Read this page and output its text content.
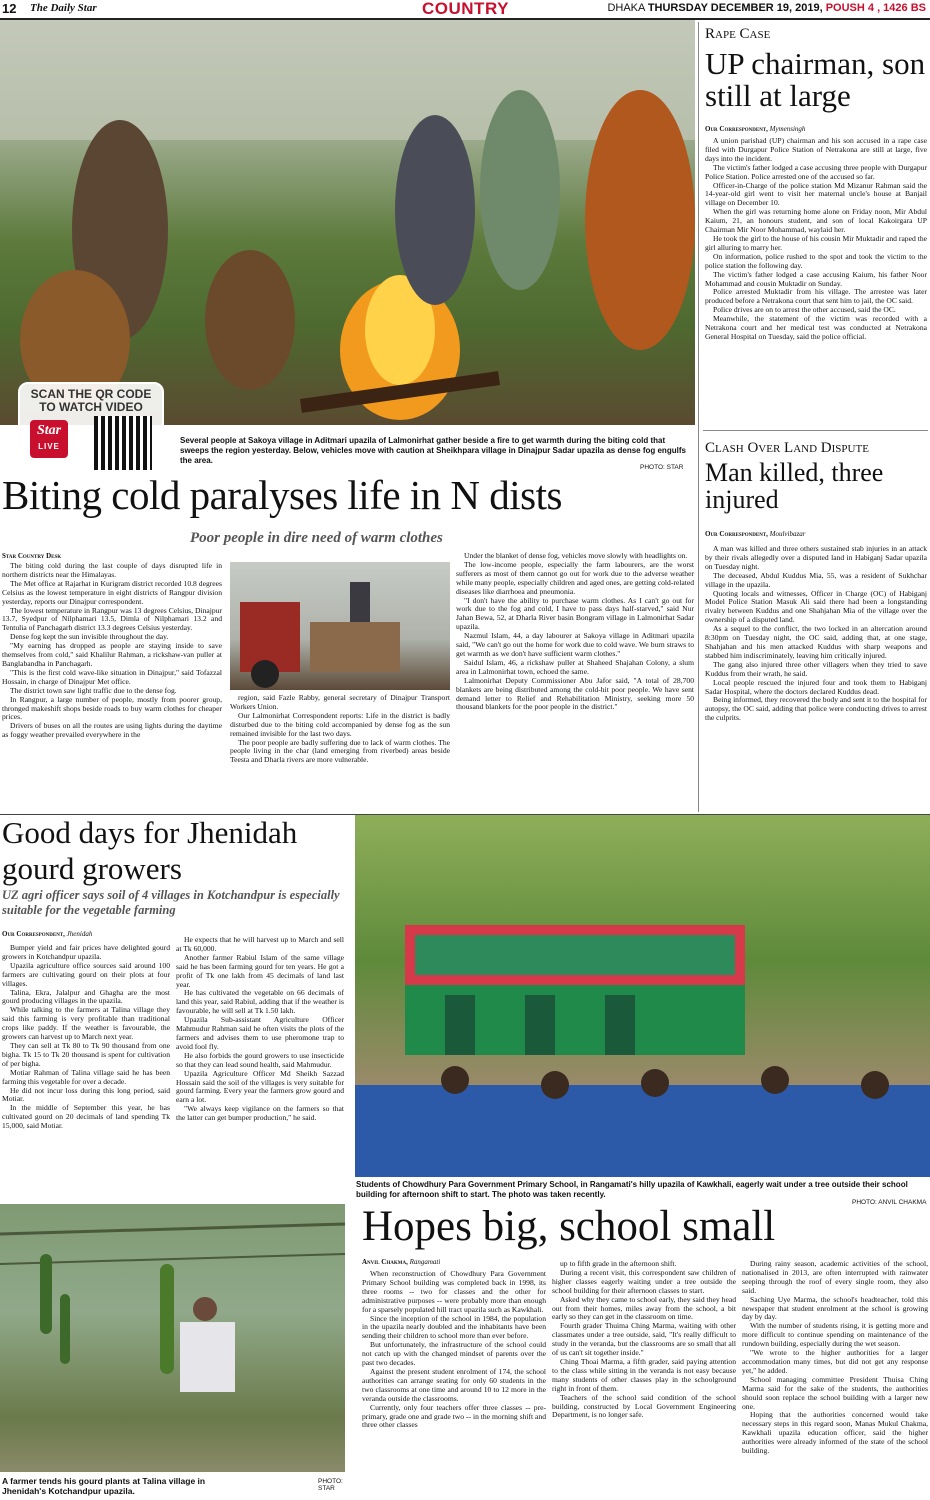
12 The Daily Star	COUNTRY	DHAKA THURSDAY DECEMBER 19, 2019, POUSH 4 , 1426 BS
SCAN THE QR CODE TO WATCH VIDEO
Star
LIVE
Several people at Sakoya village in Aditmari upazila of Lalmonirhat gather beside a fire to get warmth during the biting cold that sweeps the region yesterday. Below, vehicles move with caution at Sheikhpara village in Dinajpur Sadar upazila as dense fog engulfs the area.
PHOTO: STAR
Biting cold paralyses life in N dists
Poor people in dire need of warm clothes
Star Country Desk

The biting cold during the last couple of days disrupted life in northern districts near the Himalayas.

The Met office at Rajarhat in Kurigram district recorded 10.8 degrees Celsius as the lowest temperature in eight districts of Rangpur division yesterday, reports our Dinajpur correspondent.

The lowest temperature in Rangpur was 13 degrees Celsius, Dinajpur 13.7, Syedpur of Nilphamari 13.5, Dimla of Nilphamari 13.2 and Tentulia of Panchagarh district 13.3 degrees Celsius yesterday.

Dense fog kept the sun invisible throughout the day.

"My earning has dropped as people are staying inside to save themselves from cold," said Khalilur Rahman, a rickshaw-van puller at Banglabandha in Panchagarh.

"This is the first cold wave-like situation in Dinajpur," said Tofazzal Hossain, in charge of Dinajpur Met office.

The district town saw light traffic due to the dense fog.

In Rangpur, a large number of people, mostly from poorer group, thronged makeshift shops beside roads to buy warm clothes for cheaper prices.

Drivers of buses on all the routes are using lights during the daytime as foggy weather prevailed everywhere in the

region, said Fazle Rabby, general secretary of Dinajpur Transport Workers Union.

Our Lalmonirhat Correspondent reports: Life in the district is badly disturbed due to the biting cold accompanied by dense fog as the sun remained invisible for the last two days.

The poor people are badly suffering due to lack of warm clothes. The people living in the char (land emerging from riverbed) areas beside Teesta and Dharla rivers are more vulnerable.

Under the blanket of dense fog, vehicles move slowly with headlights on.

The low-income people, especially the farm labourers, are the worst sufferers as most of them cannot go out for work due to the adverse weather while many people, especially children and aged ones, are getting cold-related diseases like diarrhoea and pneumonia.

"I don't have the ability to purchase warm clothes. As I can't go out for work due to the fog and cold, I have to pass days half-starved," said Nur Jahan Bewa, 52, at Dharla River basin Bongram village in Lalmonirhat Sadar upazila.

Nazmul Islam, 44, a day labourer at Sakoya village in Aditmari upazila said, "We can't go out the home for work due to cold wave. We burn straws to get warmth as we don't have sufficient warm clothes."

Saidul Islam, 46, a rickshaw puller at Shaheed Shajahan Colony, a slum area in Lalmonirhat town, echoed the same.

Lalmonirhat Deputy Commissioner Abu Jafor said, "A total of 28,700 blankets are being distributed among the cold-hit poor people. We have sent demand letter to Relief and Rehabilitation Ministry, seeking more 50 thousand blankets for the poor people in the district."

Rape Case
UP chairman, son still at large
Our Correspondent, Mymensingh

A union parishad (UP) chairman and his son accused in a rape case filed with Durgapur Police Station of Netrakona are still at large, five days into the incident.

The victim's father lodged a case accusing three people with Durgapur Police Station. Police arrested one of the accused so far.

Officer-in-Charge of the police station Md Mizanur Rahman said the 14-year-old girl went to visit her maternal uncle's house at Banjail village on December 10.

When the girl was returning home alone on Friday noon, Mir Abdul Kaium, 21, an honours student, and son of local Kakoirgara UP Chairman Mir Noor Mohammad, waylaid her.

He took the girl to the house of his cousin Mir Muktadir and raped the girl alluring to marry her.

On information, police rushed to the spot and took the victim to the police station the following day.

The victim's father lodged a case accusing Kaium, his father Noor Mohammad and cousin Muktadir on Sunday.

Police arrested Muktadir from his village. The arrestee was later produced before a Netrakona court that sent him to jail, the OC said.

Police drives are on to arrest the other accused, said the OC.

Meanwhile, the statement of the victim was recorded with a Netrakona court and her medical test was conducted at Netrakona General Hospital on Tuesday, said the police official.

Clash Over Land Dispute
Man killed, three injured
Our Correspondent, Moulvibazar

A man was killed and three others sustained stab injuries in an attack by their rivals allegedly over a disputed land in Habiganj Sadar upazila on Tuesday night.

The deceased, Abdul Kuddus Mia, 55, was a resident of Sukhchar village in the upazila.

Quoting locals and witnesses, Officer in Charge (OC) of Habiganj Model Police Station Masuk Ali said there had been a longstanding rivalry between Kuddus and one Shahjahan Mia of the village over the ownership of a disputed land.

As a sequel to the conflict, the two locked in an altercation around 8:30pm on Tuesday night, the OC said, adding that, at one stage, Shahjahan and his men attacked Kuddus with sharp weapons and stabbed him indiscriminately, leaving him critically injured.

The gang also injured three other villagers when they tried to save Kuddus from their wrath, he said.

Local people rescued the injured four and took them to Habiganj Sadar Hospital, where the doctors declared Kuddus dead.

Being informed, they recovered the body and sent it to the hospital for autopsy, the OC said, adding that police were conducting drives to arrest the culprits.

Good days for Jhenidah gourd growers
UZ agri officer says soil of 4 villages in Kotchandpur is especially suitable for the vegetable farming
Our Correspondent, Jhenidah

Bumper yield and fair prices have delighted gourd growers in Kotchandpur upazila.

Upazila agriculture office sources said around 100 farmers are cultivating gourd on their plots at four villages.

Talina, Ekra, Jalalpur and Ghagha are the most gourd producing villages in the upazila.

While talking to the farmers at Talina village they said this farming is very profitable than traditional crops like paddy. If the weather is favourable, the growers can harvest up to March next year.

They can sell at Tk 80 to Tk 90 thousand from one bigha. Tk 15 to Tk 20 thousand is spent for cultivation of per bigha.

Motiar Rahman of Talina village said he has been farming this vegetable for over a decade.

He did not incur loss during this long period, said Motiar.

In the middle of September this year, he has cultivated gourd on 20 decimals of land spending Tk 15,000, said Motiar.

He expects that he will harvest up to March and sell at Tk 60,000.

Another farmer Rabiul Islam of the same village said he has been farming gourd for ten years. He got a profit of Tk one lakh from 45 decimals of land last year.

He has cultivated the vegetable on 66 decimals of land this year, said Rabiul, adding that if the weather is favourable, he will sell at Tk 1.50 lakh.

Upazila Sub-assistant Agriculture Officer Mahmudur Rahman said he often visits the plots of the farmers and advises them to use pheromone trap to avoid fool fly.

He also forbids the gourd growers to use insecticide so that they can lead sound health, said Mahmudur.

Upazila Agriculture Officer Md Sheikh Sazzad Hossain said the soil of the villages is very suitable for gourd farming. Every year the farmers grow gourd and earn a lot.

"We always keep vigilance on the farmers so that the latter can get bumper production," he said.

A farmer tends his gourd plants at Talina village in Jhenidah's Kotchandpur upazila.
PHOTO: STAR
Students of Chowdhury Para Government Primary School, in Rangamati's hilly upazila of Kawkhali, eagerly wait under a tree outside their school building for afternoon shift to start. The photo was taken recently.
PHOTO: ANVIL CHAKMA
Hopes big, school small
Anvil Chakma, Rangamati

When reconstruction of Chowdhury Para Government Primary School building was completed back in 1998, its three rooms -- two for classes and the other for administrative purposes -- were probably more than enough for a sparsely populated hill tract upazila such as Kawkhali.

Since the inception of the school in 1984, the population in the upazila nearly doubled and the inhabitants have been sending their children to school more than ever before.

But unfortunately, the infrastructure of the school could not catch up with the changed mindset of parents over the past two decades.

Against the present student enrolment of 174, the school authorities can arrange seating for only 60 students in the two classrooms at one time and around 10 to 12 more in the veranda outside the classrooms.

Currently, only four teachers offer three classes -- pre-primary, grade one and grade two -- in the morning shift and three other classes

up to fifth grade in the afternoon shift.

During a recent visit, this correspondent saw children of higher classes eagerly waiting under a tree outside the school building for their afternoon classes to start.

Asked why they came to school early, they said they head out from their homes, miles away from the school, a bit early so they can get in the classroom on time.

Fourth grader Thuima Ching Marma, waiting with other classmates under a tree outside, said, "It's really difficult to study in the veranda, but the classrooms are so small that all of us can't sit together inside."

Ching Thoai Marma, a fifth grader, said paying attention to the class while sitting in the veranda is not easy because many students of other classes play in the schoolground right in front of them.

Teachers of the school said condition of the school building, constructed by Local Government Engineering Department, is no longer safe.

During rainy season, academic activities of the school, nationalised in 2013, are often interrupted with rainwater seeping through the roof of every single room, they also said.

Saching Uye Marma, the school's headteacher, told this newspaper that student enrolment at the school is growing day by day.

With the number of students rising, it is getting more and more difficult to continue spending on maintenance of the rundown building, especially during the wet season.

"We wrote to the higher authorities for a larger accommodation many times, but did not get any response yet," he added.

School managing committee President Thuisa Ching Marma said for the sake of the students, the authorities should soon replace the school building with a larger new one.

Hoping that the authorities concerned would take necessary steps in this regard soon, Manas Mukul Chakma, Kawkhali upazila education officer, said the higher authorities were already informed of the state of the school building.
